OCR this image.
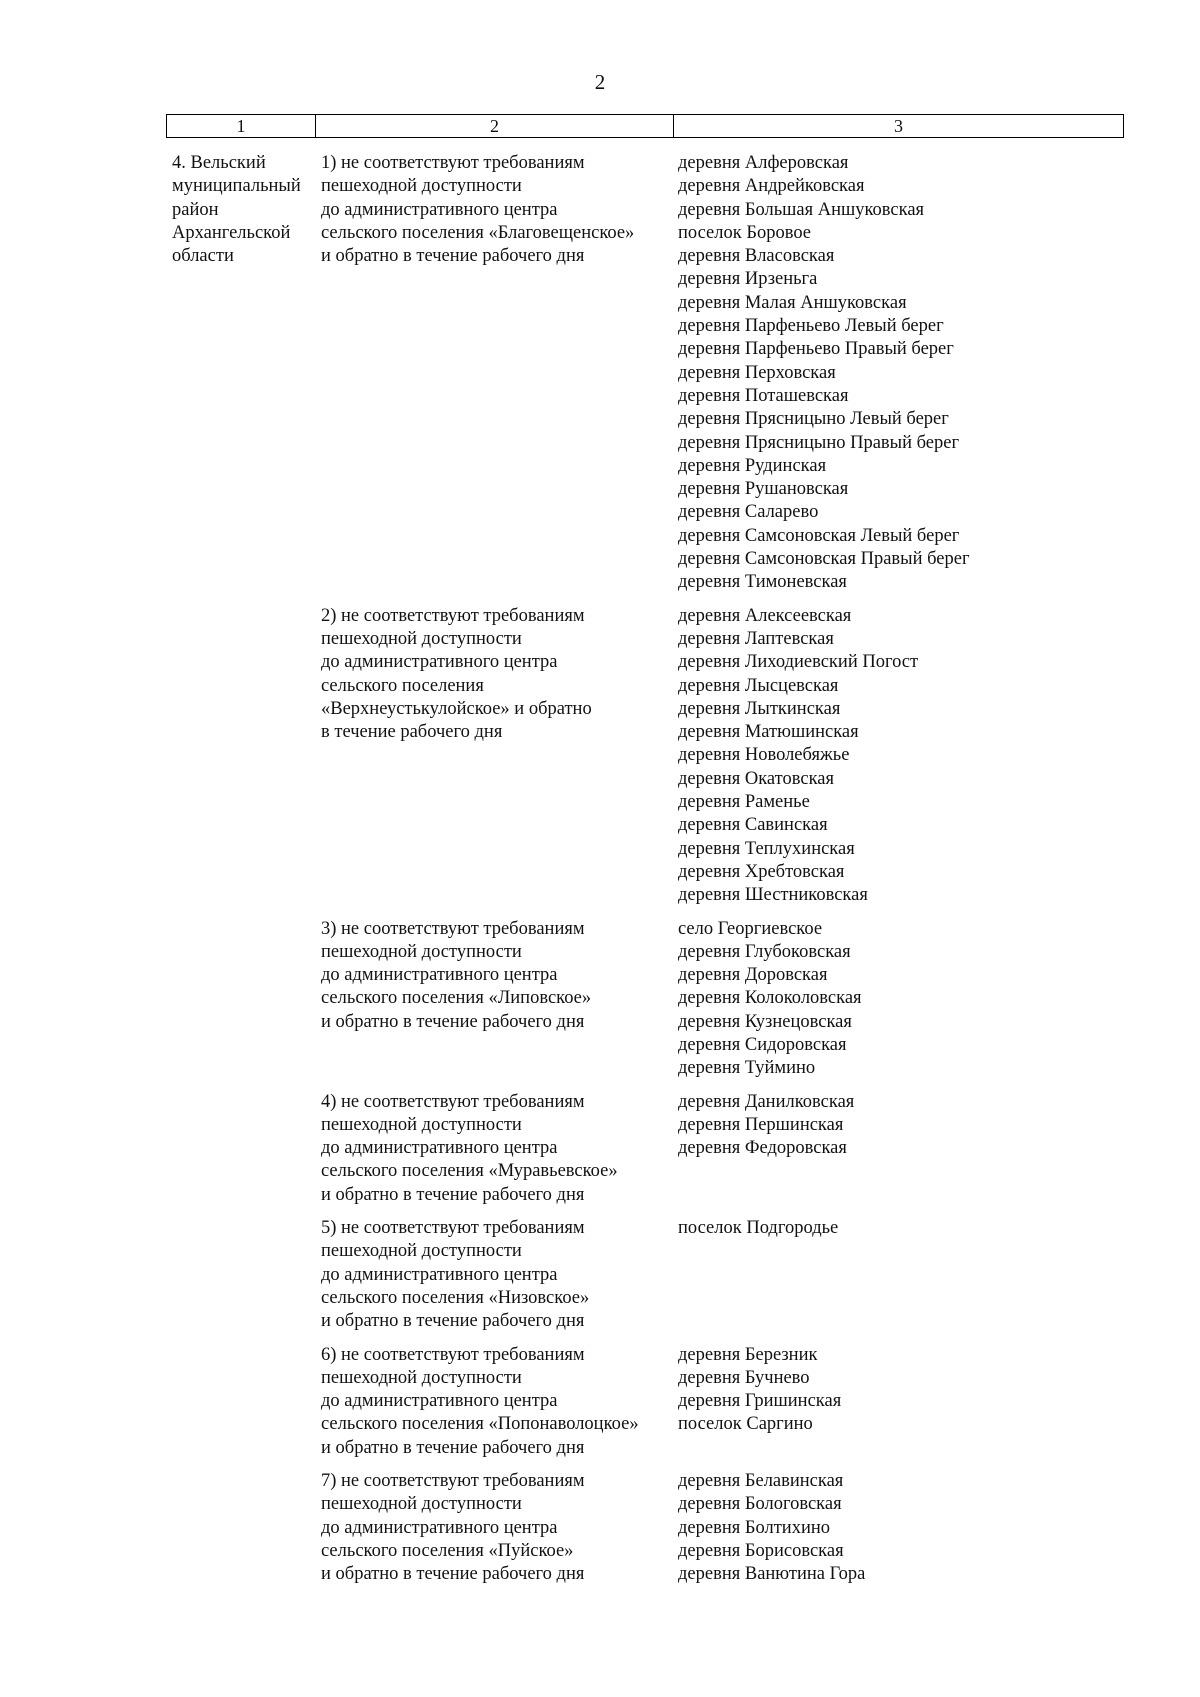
2
1	2	3
4. Вельский
муниципальный
район
Архангельской
области
1) не соответствуют требованиям
пешеходной доступности
до административного центра
сельского поселения «Благовещенское»
и обратно в течение рабочего дня
деревня Алферовская
деревня Андрейковская
деревня Большая Аншуковская
поселок Боровое
деревня Власовская
деревня Ирзеньга
деревня Малая Аншуковская
деревня Парфеньево Левый берег
деревня Парфеньево Правый берег
деревня Перховская
деревня Поташевская
деревня Прясницыно Левый берег
деревня Прясницыно Правый берег
деревня Рудинская
деревня Рушановская
деревня Саларево
деревня Самсоновская Левый берег
деревня Самсоновская Правый берег
деревня Тимоневская
2) не соответствуют требованиям
пешеходной доступности
до административного центра
сельского поселения
«Верхнеустькулойское» и обратно
в течение рабочего дня
деревня Алексеевская
деревня Лаптевская
деревня Лиходиевский Погост
деревня Лысцевская
деревня Лыткинская
деревня Матюшинская
деревня Новолебяжье
деревня Окатовская
деревня Раменье
деревня Савинская
деревня Теплухинская
деревня Хребтовская
деревня Шестниковская
3) не соответствуют требованиям
пешеходной доступности
до административного центра
сельского поселения «Липовское»
и обратно в течение рабочего дня
село Георгиевское
деревня Глубоковская
деревня Доровская
деревня Колоколовская
деревня Кузнецовская
деревня Сидоровская
деревня Туймино
4) не соответствуют требованиям
пешеходной доступности
до административного центра
сельского поселения «Муравьевское»
и обратно в течение рабочего дня
деревня Данилковская
деревня Першинская
деревня Федоровская
5) не соответствуют требованиям
пешеходной доступности
до административного центра
сельского поселения «Низовское»
и обратно в течение рабочего дня
поселок Подгородье
6) не соответствуют требованиям
пешеходной доступности
до административного центра
сельского поселения «Попонаволоцкое»
и обратно в течение рабочего дня
деревня Березник
деревня Бучнево
деревня Гришинская
поселок Саргино
7) не соответствуют требованиям
пешеходной доступности
до административного центра
сельского поселения «Пуйское»
и обратно в течение рабочего дня
деревня Белавинская
деревня Бологовская
деревня Болтихино
деревня Борисовская
деревня Ванютина Гора
